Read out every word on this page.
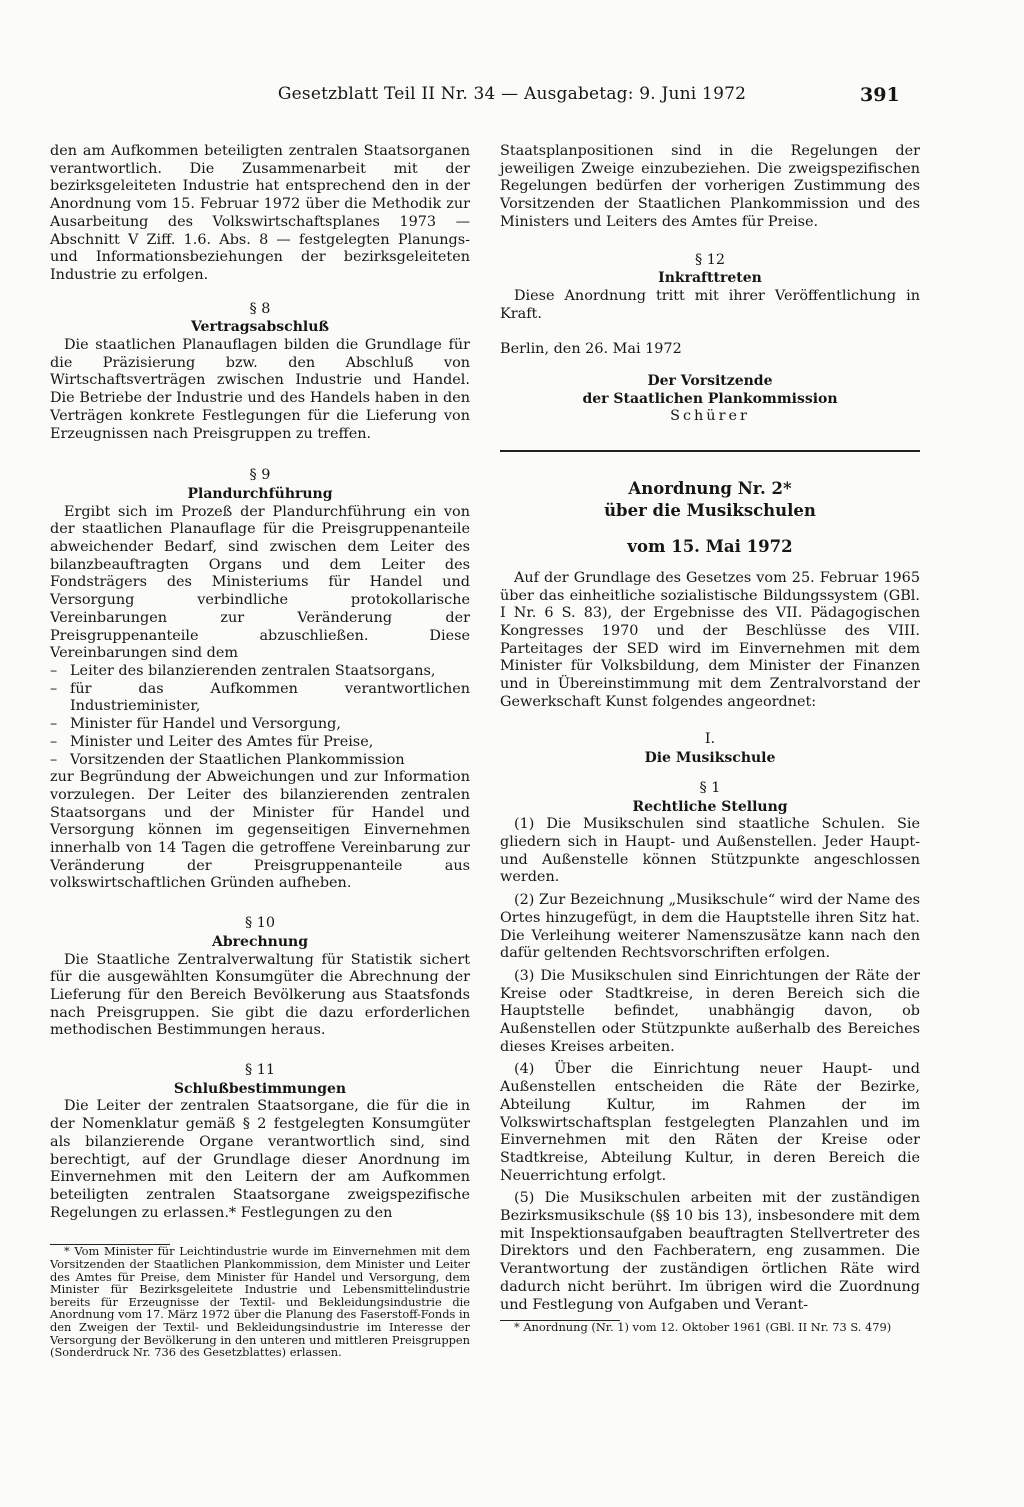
Gesetzblatt Teil II Nr. 34 — Ausgabetag: 9. Juni 1972	391

den am Aufkommen beteiligten zentralen Staatsorganen verantwortlich. Die Zusammenarbeit mit der bezirksgeleiteten Industrie hat entsprechend den in der Anordnung vom 15. Februar 1972 über die Methodik zur Ausarbeitung des Volkswirtschaftsplanes 1973 — Abschnitt V Ziff. 1.6. Abs. 8 — festgelegten Planungs- und Informationsbeziehungen der bezirksgeleiteten Industrie zu erfolgen.

§ 8
Vertragsabschluß

Die staatlichen Planauflagen bilden die Grundlage für die Präzisierung bzw. den Abschluß von Wirtschaftsverträgen zwischen Industrie und Handel. Die Betriebe der Industrie und des Handels haben in den Verträgen konkrete Festlegungen für die Lieferung von Erzeugnissen nach Preisgruppen zu treffen.

§ 9
Plandurchführung

Ergibt sich im Prozeß der Plandurchführung ein von der staatlichen Planauflage für die Preisgruppenanteile abweichender Bedarf, sind zwischen dem Leiter des bilanzbeauftragten Organs und dem Leiter des Fondsträgers des Ministeriums für Handel und Versorgung verbindliche protokollarische Vereinbarungen zur Veränderung der Preisgruppenanteile abzuschließen. Diese Vereinbarungen sind dem

– Leiter des bilanzierenden zentralen Staatsorgans,
– für das Aufkommen verantwortlichen Industrieminister,
– Minister für Handel und Versorgung,
– Minister und Leiter des Amtes für Preise,
– Vorsitzenden der Staatlichen Plankommission

zur Begründung der Abweichungen und zur Information vorzulegen. Der Leiter des bilanzierenden zentralen Staatsorgans und der Minister für Handel und Versorgung können im gegenseitigen Einvernehmen innerhalb von 14 Tagen die getroffene Vereinbarung zur Veränderung der Preisgruppenanteile aus volkswirtschaftlichen Gründen aufheben.

§ 10
Abrechnung

Die Staatliche Zentralverwaltung für Statistik sichert für die ausgewählten Konsumgüter die Abrechnung der Lieferung für den Bereich Bevölkerung aus Staatsfonds nach Preisgruppen. Sie gibt die dazu erforderlichen methodischen Bestimmungen heraus.

§ 11
Schlußbestimmungen

Die Leiter der zentralen Staatsorgane, die für die in der Nomenklatur gemäß § 2 festgelegten Konsumgüter als bilanzierende Organe verantwortlich sind, sind berechtigt, auf der Grundlage dieser Anordnung im Einvernehmen mit den Leitern der am Aufkommen beteiligten zentralen Staatsorgane zweigspezifische Regelungen zu erlassen.* Festlegungen zu den

* Vom Minister für Leichtindustrie wurde im Einvernehmen mit dem Vorsitzenden der Staatlichen Plankommission, dem Minister und Leiter des Amtes für Preise, dem Minister für Handel und Versorgung, dem Minister für Bezirksgeleitete Industrie und Lebensmittelindustrie bereits für Erzeugnisse der Textil- und Bekleidungsindustrie die Anordnung vom 17. März 1972 über die Planung des Faserstoff-Fonds in den Zweigen der Textil- und Bekleidungsindustrie im Interesse der Versorgung der Bevölkerung in den unteren und mittleren Preisgruppen (Sonderdruck Nr. 736 des Gesetzblattes) erlassen.

Staatsplanpositionen sind in die Regelungen der jeweiligen Zweige einzubeziehen. Die zweigspezifischen Regelungen bedürfen der vorherigen Zustimmung des Vorsitzenden der Staatlichen Plankommission und des Ministers und Leiters des Amtes für Preise.

§ 12
Inkrafttreten

Diese Anordnung tritt mit ihrer Veröffentlichung in Kraft.

Berlin, den 26. Mai 1972

Der Vorsitzende
der Staatlichen Plankommission
Schürer
Anordnung Nr. 2*
über die Musikschulen
vom 15. Mai 1972

Auf der Grundlage des Gesetzes vom 25. Februar 1965 über das einheitliche sozialistische Bildungssystem (GBl. I Nr. 6 S. 83), der Ergebnisse des VII. Pädagogischen Kongresses 1970 und der Beschlüsse des VIII. Parteitages der SED wird im Einvernehmen mit dem Minister für Volksbildung, dem Minister der Finanzen und in Übereinstimmung mit dem Zentralvorstand der Gewerkschaft Kunst folgendes angeordnet:

I.
Die Musikschule
§ 1
Rechtliche Stellung

(1) Die Musikschulen sind staatliche Schulen. Sie gliedern sich in Haupt- und Außenstellen. Jeder Haupt- und Außenstelle können Stützpunkte angeschlossen werden.

(2) Zur Bezeichnung „Musikschule“ wird der Name des Ortes hinzugefügt, in dem die Hauptstelle ihren Sitz hat. Die Verleihung weiterer Namenszusätze kann nach den dafür geltenden Rechtsvorschriften erfolgen.

(3) Die Musikschulen sind Einrichtungen der Räte der Kreise oder Stadtkreise, in deren Bereich sich die Hauptstelle befindet, unabhängig davon, ob Außenstellen oder Stützpunkte außerhalb des Bereiches dieses Kreises arbeiten.

(4) Über die Einrichtung neuer Haupt- und Außenstellen entscheiden die Räte der Bezirke, Abteilung Kultur, im Rahmen der im Volkswirtschaftsplan festgelegten Planzahlen und im Einvernehmen mit den Räten der Kreise oder Stadtkreise, Abteilung Kultur, in deren Bereich die Neuerrichtung erfolgt.

(5) Die Musikschulen arbeiten mit der zuständigen Bezirksmusikschule (§§ 10 bis 13), insbesondere mit dem mit Inspektionsaufgaben beauftragten Stellvertreter des Direktors und den Fachberatern, eng zusammen. Die Verantwortung der zuständigen örtlichen Räte wird dadurch nicht berührt. Im übrigen wird die Zuordnung und Festlegung von Aufgaben und Verant-

* Anordnung (Nr. 1) vom 12. Oktober 1961 (GBl. II Nr. 73 S. 479)
